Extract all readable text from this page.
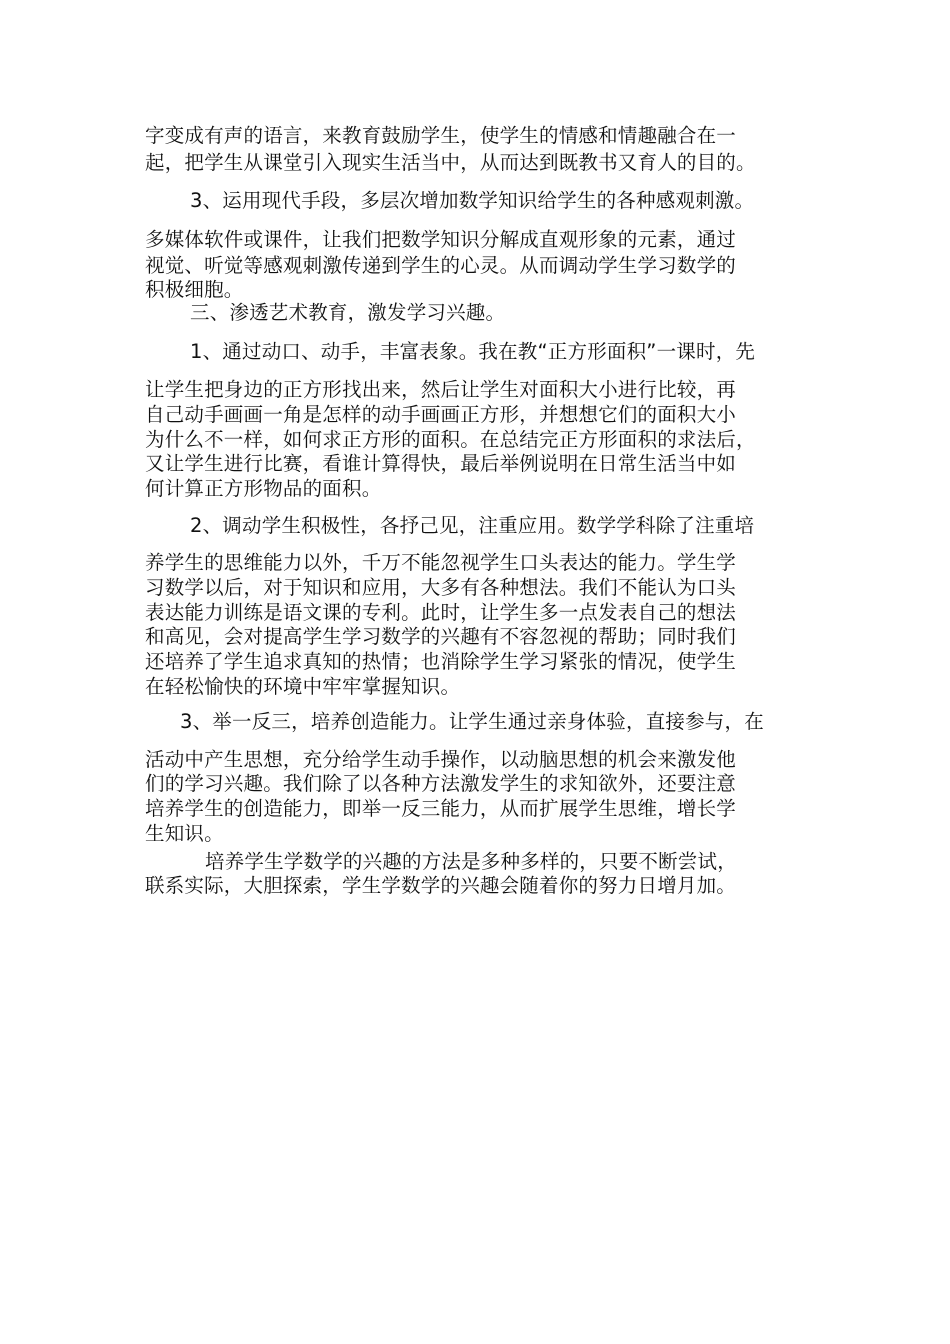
字变成有声的语言，来教育鼓励学生，使学生的情感和情趣融合在一
起，把学生从课堂引入现实生活当中，从而达到既教书又育人的目的。
3、运用现代手段，多层次增加数学知识给学生的各种感观刺激。
多媒体软件或课件，让我们把数学知识分解成直观形象的元素，通过
视觉、听觉等感观刺激传递到学生的心灵。从而调动学生学习数学的
积极细胞。
三、渗透艺术教育，激发学习兴趣。
1、通过动口、动手，丰富表象。我在教“正方形面积”一课时，先
让学生把身边的正方形找出来，然后让学生对面积大小进行比较，再
自己动手画画一角是怎样的动手画画正方形，并想想它们的面积大小
为什么不一样，如何求正方形的面积。在总结完正方形面积的求法后，
又让学生进行比赛，看谁计算得快，最后举例说明在日常生活当中如
何计算正方形物品的面积。
2、调动学生积极性，各抒己见，注重应用。数学学科除了注重培
养学生的思维能力以外，千万不能忽视学生口头表达的能力。学生学
习数学以后，对于知识和应用，大多有各种想法。我们不能认为口头
表达能力训练是语文课的专利。此时，让学生多一点发表自己的想法
和高见，会对提高学生学习数学的兴趣有不容忽视的帮助；同时我们
还培养了学生追求真知的热情；也消除学生学习紧张的情况，使学生
在轻松愉快的环境中牢牢掌握知识。
3、举一反三，培养创造能力。让学生通过亲身体验，直接参与，在
活动中产生思想，充分给学生动手操作，以动脑思想的机会来激发他
们的学习兴趣。我们除了以各种方法激发学生的求知欲外，还要注意
培养学生的创造能力，即举一反三能力，从而扩展学生思维，增长学
生知识。
培养学生学数学的兴趣的方法是多种多样的，只要不断尝试，
联系实际，大胆探索，学生学数学的兴趣会随着你的努力日增月加。
